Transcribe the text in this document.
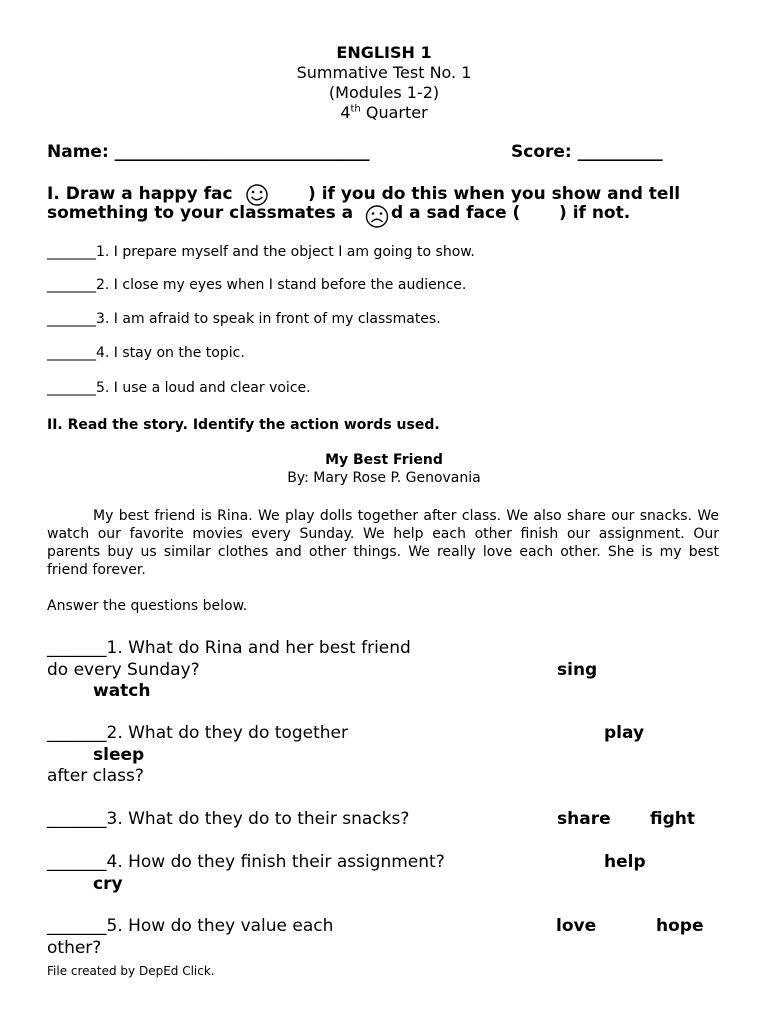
ENGLISH 1
Summative Test No. 1
(Modules 1-2)
4th Quarter
Name: ______________________________	Score: __________
I. Draw a happy fac	) if you do this when you show and tell
something to your classmates a d a sad face ( ) if not.
_______1. I prepare myself and the object I am going to show.
_______2. I close my eyes when I stand before the audience.
_______3. I am afraid to speak in front of my classmates.
_______4. I stay on the topic.
_______5. I use a loud and clear voice.
II. Read the story. Identify the action words used.
My Best Friend
By: Mary Rose P. Genovania
My best friend is Rina. We play dolls together after class. We also share our snacks. We watch our favorite movies every Sunday. We help each other finish our assignment. Our parents buy us similar clothes and other things. We really love each other. She is my best friend forever.
Answer the questions below.
_______1. What do Rina and her best friend
do every Sunday?	sing
watch
_______2. What do they do together	play
sleep
after class?
_______3. What do they do to their snacks?	share fight
_______4. How do they finish their assignment?	help
cry
_______5. How do they value each	love	hope
other?
File created by DepEd Click.
